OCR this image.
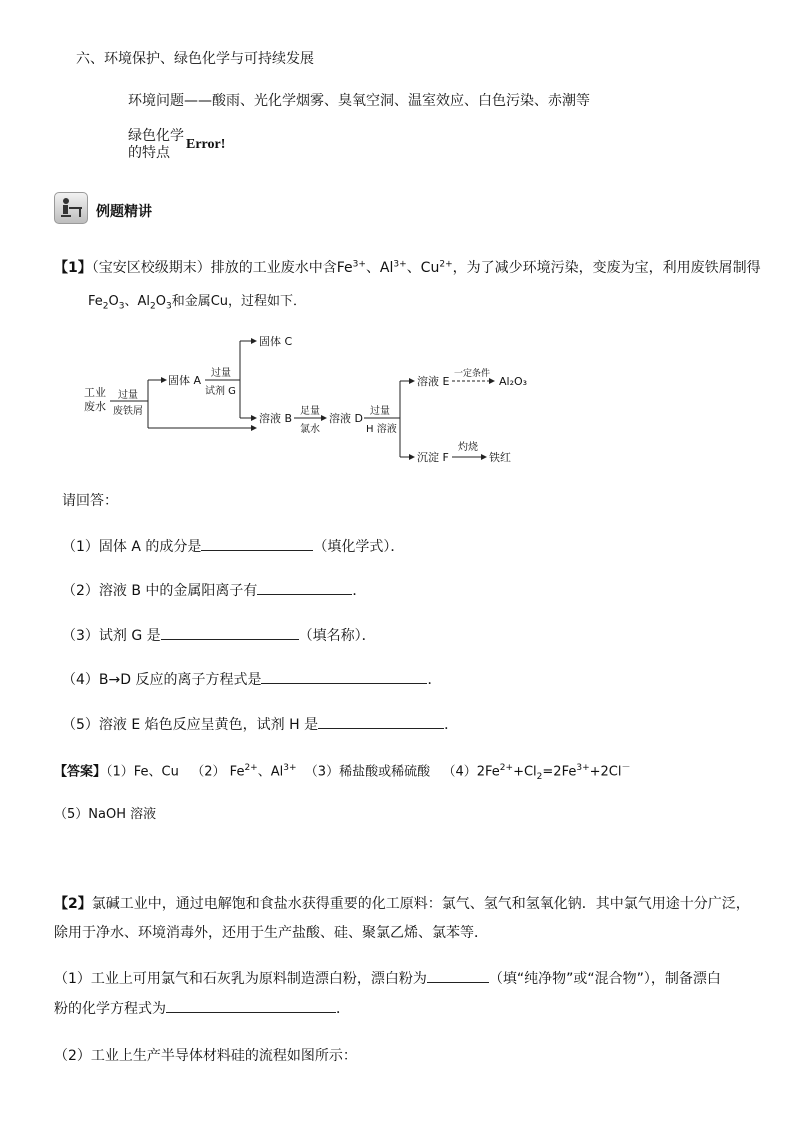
六、环境保护、绿色化学与可持续发展
环境问题——酸雨、光化学烟雾、臭氧空洞、温室效应、白色污染、赤潮等
绿色化学
的特点
Error!
例题精讲
【1】（宝安区校级期末）排放的工业废水中含$Fe^{3+}$、$Al^{3+}$、$Cu^{2+}$，为了减少环境污染，变废为宝，利用废铁屑制得
$Fe_2O_3$、$Al_2O_3$和金属Cu，过程如下．
工业
废水
过量
废铁屑
固体 A
过量
试剂 G
固体 C
溶液 B
足量
氯水
溶液 D
过量
H 溶液
溶液 E
一定条件
Al₂O₃
沉淀 F
灼烧
铁红
请回答：
（1）固体 A 的成分是	（填化学式）．
（2）溶液 B 中的金属阳离子有	．
（3）试剂 G 是	（填名称）．
（4）B→D 反应的离子方程式是	．
（5）溶液 E 焰色反应呈黄色，试剂 H 是	．
【答案】（1）Fe、Cu （2） $Fe^{2+}$、$Al^{3+}$ （3）稀盐酸或稀硫酸 $(4)2Fe^{2+}+Cl_2=2Fe^{3+}+2Cl^-$
（5）NaOH 溶液
【2】氯碱工业中，通过电解饱和食盐水获得重要的化工原料：氯气、氢气和氢氧化钠．其中氯气用途十分广泛，
除用于净水、环境消毒外，还用于生产盐酸、硅、聚氯乙烯、氯苯等．
（1）工业上可用氯气和石灰乳为原料制造漂白粉，漂白粉为	（填“纯净物”或“混合物”），制备漂白
粉的化学方程式为	．
（2）工业上生产半导体材料硅的流程如图所示：
